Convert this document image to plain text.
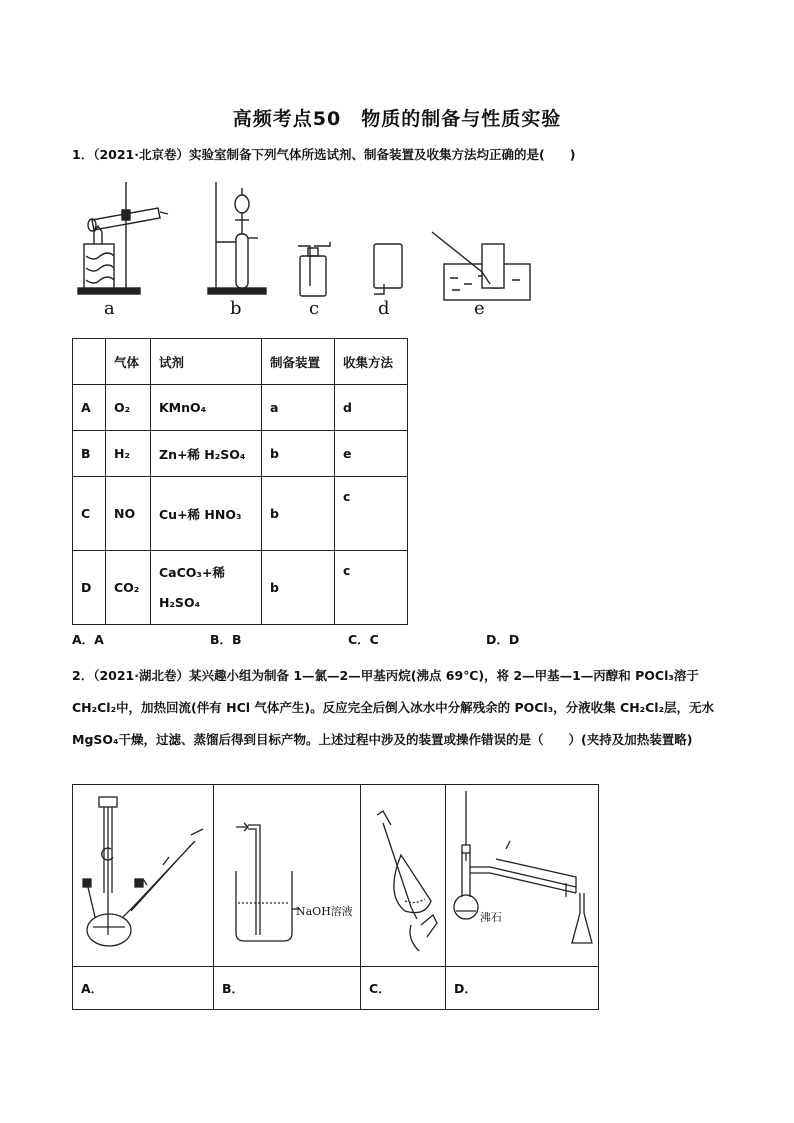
高频考点50　物质的制备与性质实验
1．（2021·北京卷）实验室制备下列气体所选试剂、制备装置及收集方法均正确的是(　　)
a	b	c	d	e
	气体	试剂	制备装置	收集方法
A	O₂	KMnO₄	a	d
B	H₂	Zn+稀 H₂SO₄	b	e
C	NO	Cu+稀 HNO₃	b	c
D	CO₂	CaCO₃+稀 H₂SO₄	b	c
A．A	B．B	C．C	D．D
2．（2021·湖北卷）某兴趣小组为制备 1—氯—2—甲基丙烷(沸点 69℃)，将 2—甲基—1—丙醇和 POCl₃溶于 CH₂Cl₂中，加热回流(伴有 HCl 气体产生)。反应完全后倒入冰水中分解残余的 POCl₃，分液收集 CH₂Cl₂层，无水 MgSO₄干燥，过滤、蒸馏后得到目标产物。上述过程中涉及的装置或操作错误的是（　　）(夹持及加热装置略)

NaOH溶液		沸石

A．	B．	C．	D．
